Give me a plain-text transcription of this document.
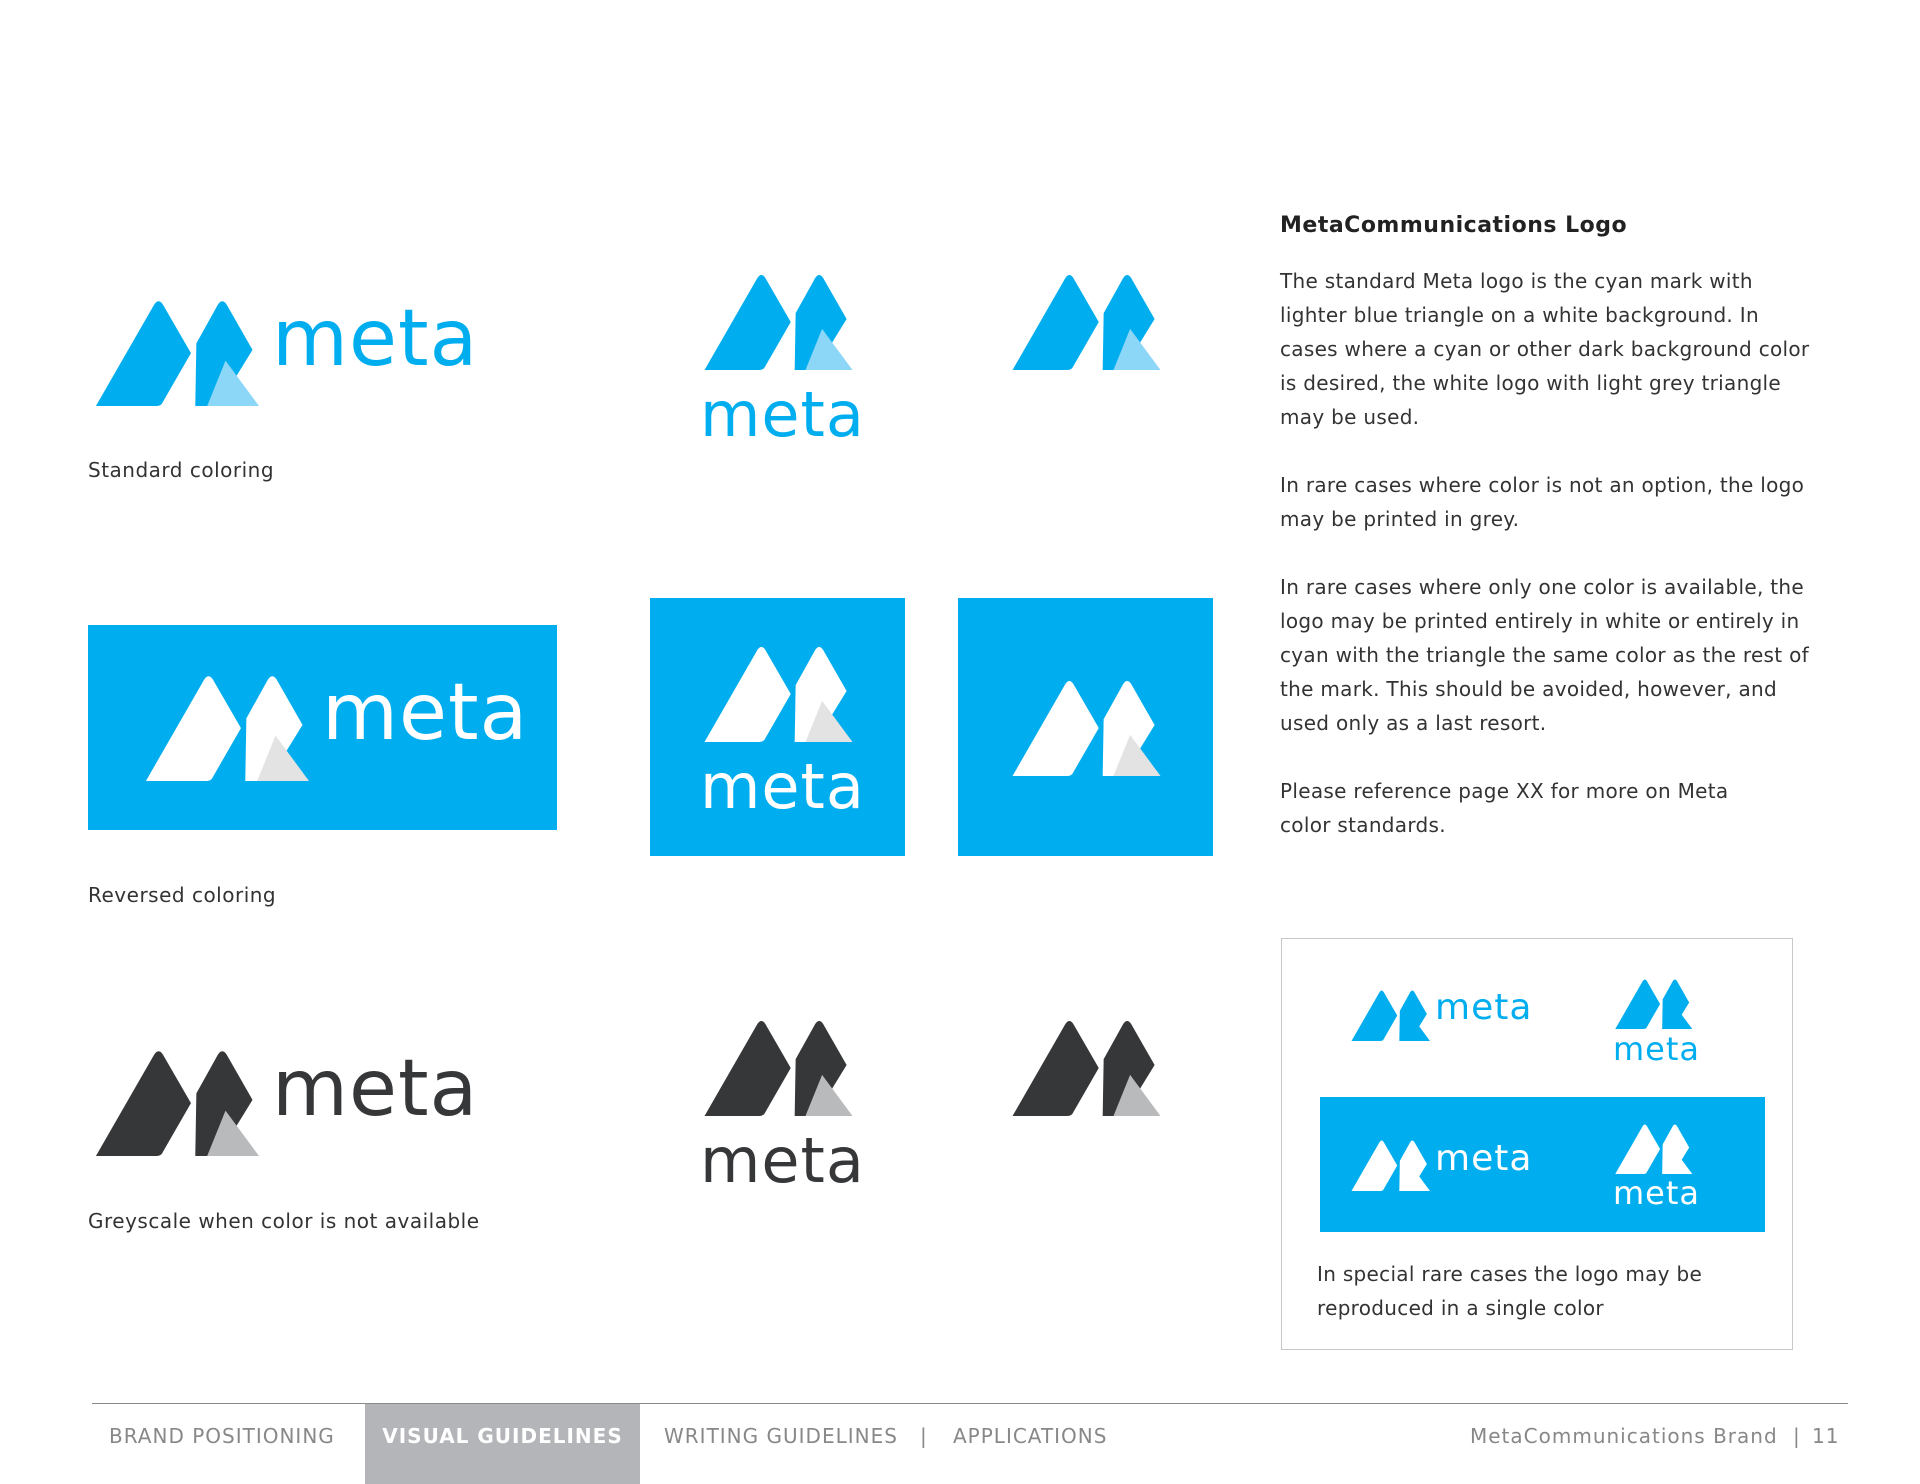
meta
Standard coloring
meta
meta
Reversed coloring
meta
meta
Greyscale when color is not available
meta
MetaCommunications Logo

The standard Meta logo is the cyan mark with lighter blue triangle on a white background. In cases where a cyan or other dark background color is desired, the white logo with light grey triangle may be used.

In rare cases where color is not an option, the logo may be printed in grey.

In rare cases where only one color is available, the logo may be printed entirely in white or entirely in cyan with the triangle the same color as the rest of the mark. This should be avoided, however, and used only as a last resort.

Please reference page XX for more on Meta color standards.

meta
meta
meta
meta
In special rare cases the logo may be reproduced in a single color
BRAND POSITIONING	VISUAL GUIDELINES	WRITING GUIDELINES | APPLICATIONS	MetaCommunications Brand | 11
